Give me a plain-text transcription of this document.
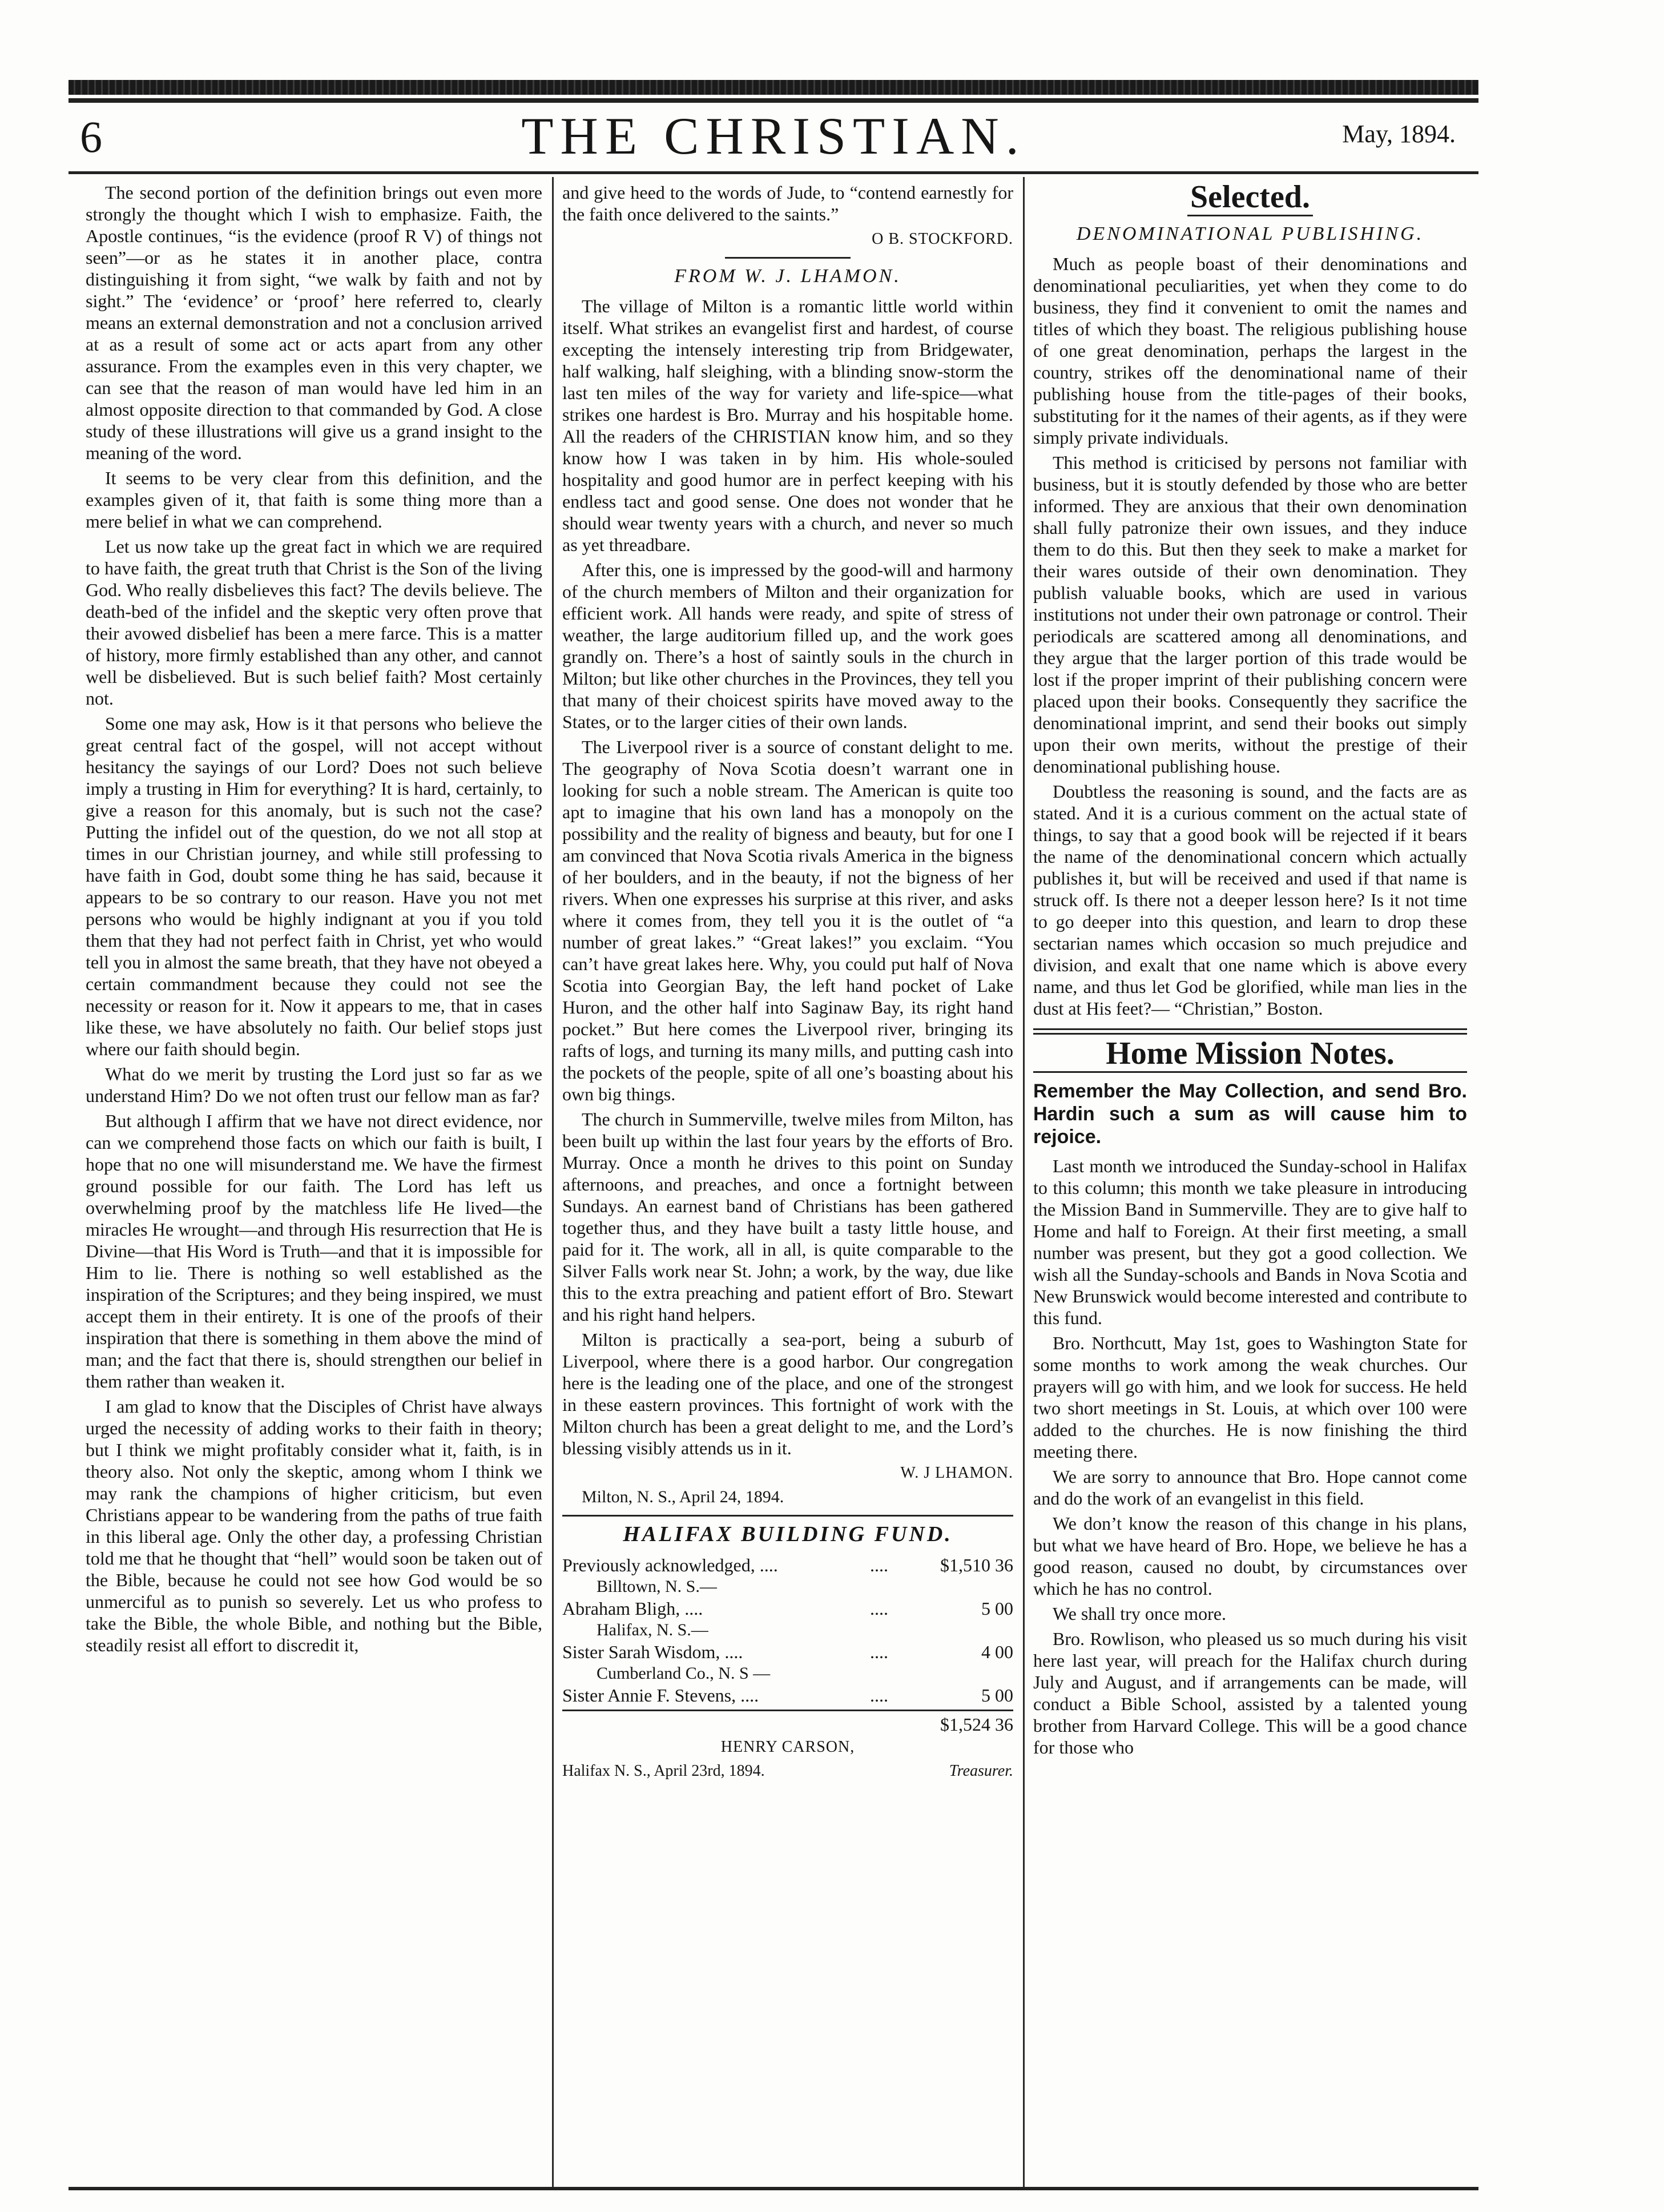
6	THE CHRISTIAN.	May, 1894.

The second portion of the definition brings out even more strongly the thought which I wish to emphasize. Faith, the Apostle continues, “is the evidence (proof R V) of things not seen”—or as he states it in another place, contra distinguishing it from sight, “we walk by faith and not by sight.” The ‘evidence’ or ‘proof’ here referred to, clearly means an external demonstration and not a conclusion arrived at as a result of some act or acts apart from any other assurance. From the examples even in this very chapter, we can see that the reason of man would have led him in an almost opposite direction to that commanded by God. A close study of these illustrations will give us a grand insight to the meaning of the word.

It seems to be very clear from this definition, and the examples given of it, that faith is some thing more than a mere belief in what we can comprehend.

Let us now take up the great fact in which we are required to have faith, the great truth that Christ is the Son of the living God. Who really disbelieves this fact? The devils believe. The death-bed of the infidel and the skeptic very often prove that their avowed disbelief has been a mere farce. This is a matter of history, more firmly established than any other, and cannot well be disbelieved. But is such belief faith? Most certainly not.

Some one may ask, How is it that persons who believe the great central fact of the gospel, will not accept without hesitancy the sayings of our Lord? Does not such believe imply a trusting in Him for everything? It is hard, certainly, to give a reason for this anomaly, but is such not the case? Putting the infidel out of the question, do we not all stop at times in our Christian journey, and while still professing to have faith in God, doubt some thing he has said, because it appears to be so contrary to our reason. Have you not met persons who would be highly indignant at you if you told them that they had not perfect faith in Christ, yet who would tell you in almost the same breath, that they have not obeyed a certain commandment because they could not see the necessity or reason for it. Now it appears to me, that in cases like these, we have absolutely no faith. Our belief stops just where our faith should begin.

What do we merit by trusting the Lord just so far as we understand Him? Do we not often trust our fellow man as far?

But although I affirm that we have not direct evidence, nor can we comprehend those facts on which our faith is built, I hope that no one will misunderstand me. We have the firmest ground possible for our faith. The Lord has left us overwhelming proof by the matchless life He lived—the miracles He wrought—and through His resurrection that He is Divine—that His Word is Truth—and that it is impossible for Him to lie. There is nothing so well established as the inspiration of the Scriptures; and they being inspired, we must accept them in their entirety. It is one of the proofs of their inspiration that there is something in them above the mind of man; and the fact that there is, should strengthen our belief in them rather than weaken it.

I am glad to know that the Disciples of Christ have always urged the necessity of adding works to their faith in theory; but I think we might profitably consider what it, faith, is in theory also. Not only the skeptic, among whom I think we may rank the champions of higher criticism, but even Christians appear to be wandering from the paths of true faith in this liberal age. Only the other day, a professing Christian told me that he thought that “hell” would soon be taken out of the Bible, because he could not see how God would be so unmerciful as to punish so severely. Let us who profess to take the Bible, the whole Bible, and nothing but the Bible, steadily resist all effort to discredit it,

and give heed to the words of Jude, to “contend earnestly for the faith once delivered to the saints.”

O B. STOCKFORD.
FROM W. J. LHAMON.

The village of Milton is a romantic little world within itself. What strikes an evangelist first and hardest, of course excepting the intensely interesting trip from Bridgewater, half walking, half sleighing, with a blinding snow-storm the last ten miles of the way for variety and life-spice—what strikes one hardest is Bro. Murray and his hospitable home. All the readers of the CHRISTIAN know him, and so they know how I was taken in by him. His whole-souled hospitality and good humor are in perfect keeping with his endless tact and good sense. One does not wonder that he should wear twenty years with a church, and never so much as yet threadbare.

After this, one is impressed by the good-will and harmony of the church members of Milton and their organization for efficient work. All hands were ready, and spite of stress of weather, the large auditorium filled up, and the work goes grandly on. There’s a host of saintly souls in the church in Milton; but like other churches in the Provinces, they tell you that many of their choicest spirits have moved away to the States, or to the larger cities of their own lands.

The Liverpool river is a source of constant delight to me. The geography of Nova Scotia doesn’t warrant one in looking for such a noble stream. The American is quite too apt to imagine that his own land has a monopoly on the possibility and the reality of bigness and beauty, but for one I am convinced that Nova Scotia rivals America in the bigness of her boulders, and in the beauty, if not the bigness of her rivers. When one expresses his surprise at this river, and asks where it comes from, they tell you it is the outlet of “a number of great lakes.” “Great lakes!” you exclaim. “You can’t have great lakes here. Why, you could put half of Nova Scotia into Georgian Bay, the left hand pocket of Lake Huron, and the other half into Saginaw Bay, its right hand pocket.” But here comes the Liverpool river, bringing its rafts of logs, and turning its many mills, and putting cash into the pockets of the people, spite of all one’s boasting about his own big things.

The church in Summerville, twelve miles from Milton, has been built up within the last four years by the efforts of Bro. Murray. Once a month he drives to this point on Sunday afternoons, and preaches, and once a fortnight between Sundays. An earnest band of Christians has been gathered together thus, and they have built a tasty little house, and paid for it. The work, all in all, is quite comparable to the Silver Falls work near St. John; a work, by the way, due like this to the extra preaching and patient effort of Bro. Stewart and his right hand helpers.

Milton is practically a sea-port, being a suburb of Liverpool, where there is a good harbor. Our congregation here is the leading one of the place, and one of the strongest in these eastern provinces. This fortnight of work with the Milton church has been a great delight to me, and the Lord’s blessing visibly attends us in it.

W. J LHAMON.
Milton, N. S., April 24, 1894.
HALIFAX BUILDING FUND.
Previously acknowledged, ....	....	$1,510 36
Billtown, N. S.—
Abraham Bligh, ....	....	5 00
Halifax, N. S.—
Sister Sarah Wisdom, ....	....	4 00
Cumberland Co., N. S —
Sister Annie F. Stevens, ....	....	5 00
$1,524 36
HENRY CARSON,
Halifax N. S., April 23rd, 1894.	Treasurer.
Selected.
DENOMINATIONAL PUBLISHING.

Much as people boast of their denominations and denominational peculiarities, yet when they come to do business, they find it convenient to omit the names and titles of which they boast. The religious publishing house of one great denomination, perhaps the largest in the country, strikes off the denominational name of their publishing house from the title-pages of their books, substituting for it the names of their agents, as if they were simply private individuals.

This method is criticised by persons not familiar with business, but it is stoutly defended by those who are better informed. They are anxious that their own denomination shall fully patronize their own issues, and they induce them to do this. But then they seek to make a market for their wares outside of their own denomination. They publish valuable books, which are used in various institutions not under their own patronage or control. Their periodicals are scattered among all denominations, and they argue that the larger portion of this trade would be lost if the proper imprint of their publishing concern were placed upon their books. Consequently they sacrifice the denominational imprint, and send their books out simply upon their own merits, without the prestige of their denominational publishing house.

Doubtless the reasoning is sound, and the facts are as stated. And it is a curious comment on the actual state of things, to say that a good book will be rejected if it bears the name of the denominational concern which actually publishes it, but will be received and used if that name is struck off. Is there not a deeper lesson here? Is it not time to go deeper into this question, and learn to drop these sectarian names which occasion so much prejudice and division, and exalt that one name which is above every name, and thus let God be glorified, while man lies in the dust at His feet?— “Christian,” Boston.

Home Mission Notes.
Remember the May Collection, and send Bro. Hardin such a sum as will cause him to rejoice.

Last month we introduced the Sunday-school in Halifax to this column; this month we take pleasure in introducing the Mission Band in Summerville. They are to give half to Home and half to Foreign. At their first meeting, a small number was present, but they got a good collection. We wish all the Sunday-schools and Bands in Nova Scotia and New Brunswick would become interested and contribute to this fund.

Bro. Northcutt, May 1st, goes to Washington State for some months to work among the weak churches. Our prayers will go with him, and we look for success. He held two short meetings in St. Louis, at which over 100 were added to the churches. He is now finishing the third meeting there.

We are sorry to announce that Bro. Hope cannot come and do the work of an evangelist in this field.

We don’t know the reason of this change in his plans, but what we have heard of Bro. Hope, we believe he has a good reason, caused no doubt, by circumstances over which he has no control.

We shall try once more.

Bro. Rowlison, who pleased us so much during his visit here last year, will preach for the Halifax church during July and August, and if arrangements can be made, will conduct a Bible School, assisted by a talented young brother from Harvard College. This will be a good chance for those who
